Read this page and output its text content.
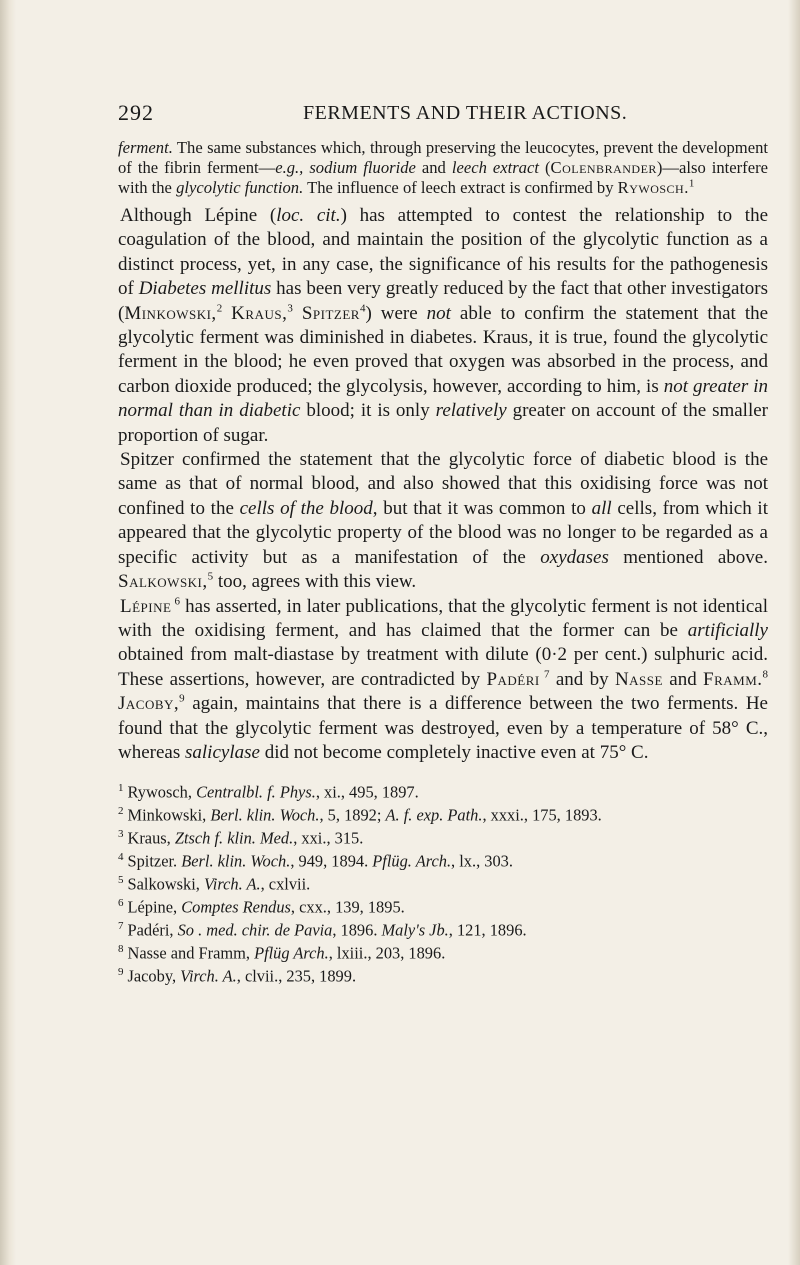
292	FERMENTS AND THEIR ACTIONS.

ferment. The same substances which, through preserving the leucocytes, prevent the development of the fibrin ferment—e.g., sodium fluoride and leech extract (Colenbrander)—also interfere with the glycolytic function. The influence of leech extract is confirmed by Rywosch.$^1$

Although Lépine (loc. cit.) has attempted to contest the relationship to the coagulation of the blood, and maintain the position of the glycolytic function as a distinct process, yet, in any case, the significance of his results for the pathogenesis of Diabetes mellitus has been very greatly reduced by the fact that other investigators (Minkowski,$^2$ Kraus,$^3$ Spitzer$^4$) were not able to confirm the statement that the glycolytic ferment was diminished in diabetes. Kraus, it is true, found the glycolytic ferment in the blood; he even proved that oxygen was absorbed in the process, and carbon dioxide produced; the glycolysis, however, according to him, is not greater in normal than in diabetic blood; it is only relatively greater on account of the smaller proportion of sugar.

Spitzer confirmed the statement that the glycolytic force of diabetic blood is the same as that of normal blood, and also showed that this oxidising force was not confined to the cells of the blood, but that it was common to all cells, from which it appeared that the glycolytic property of the blood was no longer to be regarded as a specific activity but as a manifestation of the oxydases mentioned above. Salkowski,$^5$ too, agrees with this view.

Lépine $^6$ has asserted, in later publications, that the glycolytic ferment is not identical with the oxidising ferment, and has claimed that the former can be artificially obtained from malt-diastase by treatment with dilute (0·2 per cent.) sulphuric acid. These assertions, however, are contradicted by Padéri $^7$ and by Nasse and Framm.$^8$ Jacoby,$^9$ again, maintains that there is a difference between the two ferments. He found that the glycolytic ferment was destroyed, even by a temperature of 58° C., whereas salicylase did not become completely inactive even at 75° C.

$^1$ Rywosch, Centralbl. f. Phys., xi., 495, 1897.

$^2$ Minkowski, Berl. klin. Woch., 5, 1892; A. f. exp. Path., xxxi., 175, 1893.

$^3$ Kraus, Ztsch f. klin. Med., xxi., 315.

$^4$ Spitzer. Berl. klin. Woch., 949, 1894. Pflüg. Arch., lx., 303.

$^5$ Salkowski, Virch. A., cxlvii.

$^6$ Lépine, Comptes Rendus, cxx., 139, 1895.

$^7$ Padéri, So . med. chir. de Pavia, 1896. Maly's Jb., 121, 1896.

$^8$ Nasse and Framm, Pflüg Arch., lxiii., 203, 1896.

$^9$ Jacoby, Virch. A., clvii., 235, 1899.
